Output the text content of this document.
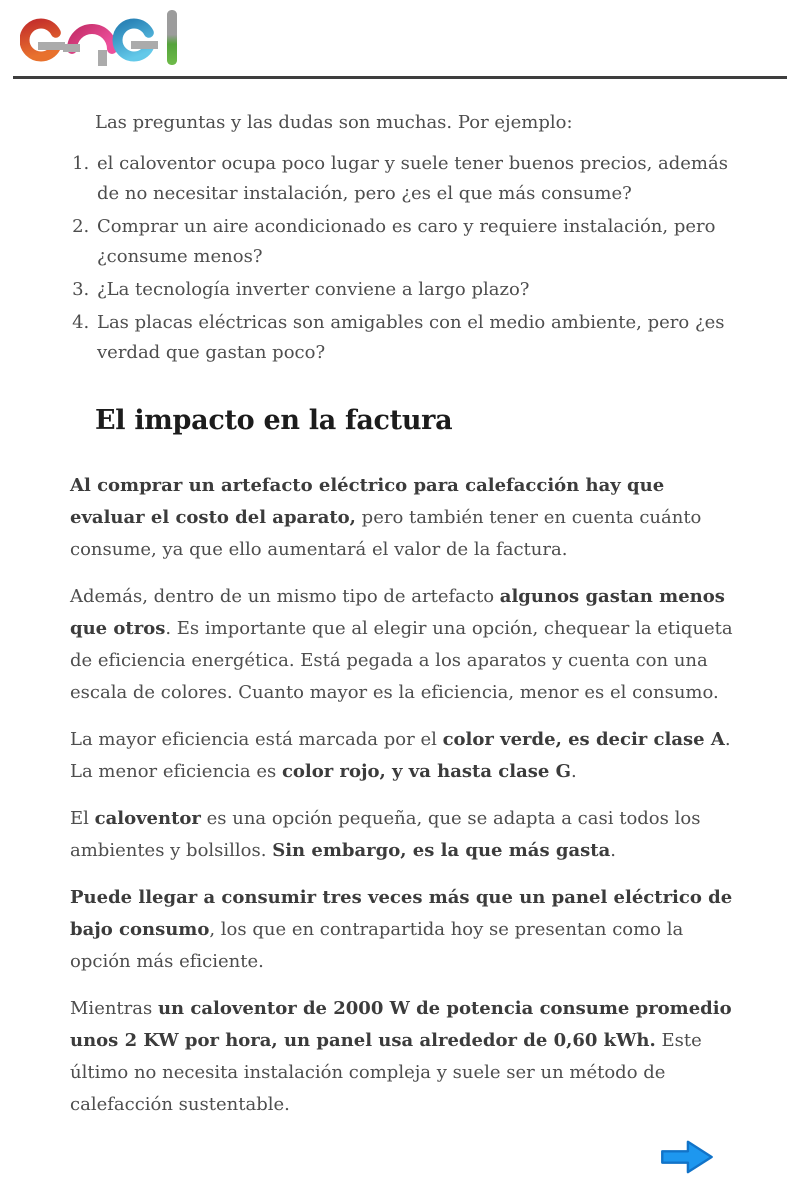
Las preguntas y las dudas son muchas. Por ejemplo:

1. el caloventor ocupa poco lugar y suele tener buenos precios, además de no necesitar instalación, pero ¿es el que más consume?
2. Comprar un aire acondicionado es caro y requiere instalación, pero ¿consume menos?
3. ¿La tecnología inverter conviene a largo plazo?
4. Las placas eléctricas son amigables con el medio ambiente, pero ¿es verdad que gastan poco?
El impacto en la factura

Al comprar un artefacto eléctrico para calefacción hay que evaluar el costo del aparato, pero también tener en cuenta cuánto consume, ya que ello aumentará el valor de la factura.

Además, dentro de un mismo tipo de artefacto algunos gastan menos que otros. Es importante que al elegir una opción, chequear la etiqueta de eficiencia energética. Está pegada a los aparatos y cuenta con una escala de colores. Cuanto mayor es la eficiencia, menor es el consumo.

La mayor eficiencia está marcada por el color verde, es decir clase A. La menor eficiencia es color rojo, y va hasta clase G.

El caloventor es una opción pequeña, que se adapta a casi todos los ambientes y bolsillos. Sin embargo, es la que más gasta.

Puede llegar a consumir tres veces más que un panel eléctrico de bajo consumo, los que en contrapartida hoy se presentan como la opción más eficiente.

Mientras un caloventor de 2000 W de potencia consume promedio unos 2 KW por hora, un panel usa alrededor de 0,60 kWh. Este último no necesita instalación compleja y suele ser un método de calefacción sustentable.
